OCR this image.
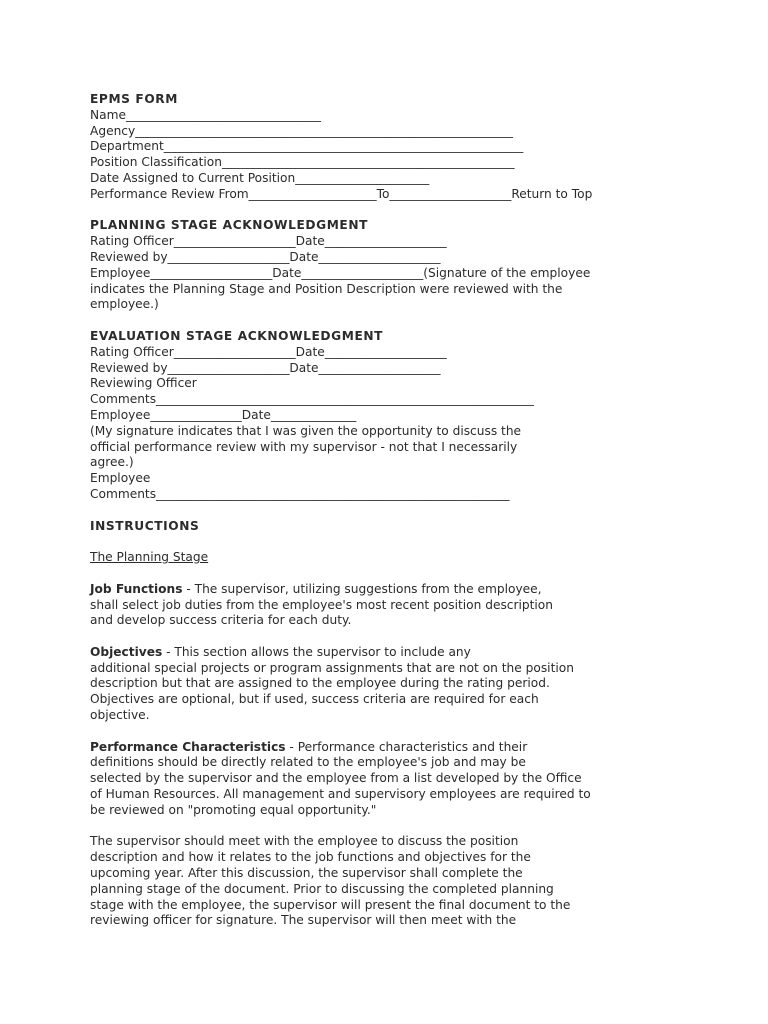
EPMS FORM
Name________________________________
Agency______________________________________________________________
Department___________________________________________________________
Position Classification________________________________________________
Date Assigned to Current Position______________________
Performance Review From_____________________To____________________Return to Top
PLANNING STAGE ACKNOWLEDGMENT
Rating Officer____________________Date____________________
Reviewed by____________________Date____________________
Employee____________________Date____________________(Signature of the employee
indicates the Planning Stage and Position Description were reviewed with the
employee.)
EVALUATION STAGE ACKNOWLEDGMENT
Rating Officer____________________Date____________________
Reviewed by____________________Date____________________
Reviewing Officer
Comments______________________________________________________________
Employee_______________Date______________
(My signature indicates that I was given the opportunity to discuss the
official performance review with my supervisor - not that I necessarily
agree.)
Employee
Comments__________________________________________________________
INSTRUCTIONS
The Planning Stage
Job Functions - The supervisor, utilizing suggestions from the employee,
shall select job duties from the employee's most recent position description
and develop success criteria for each duty.
Objectives - This section allows the supervisor to include any
additional special projects or program assignments that are not on the position
description but that are assigned to the employee during the rating period.
Objectives are optional, but if used, success criteria are required for each
objective.
Performance Characteristics - Performance characteristics and their
definitions should be directly related to the employee's job and may be
selected by the supervisor and the employee from a list developed by the Office
of Human Resources. All management and supervisory employees are required to
be reviewed on "promoting equal opportunity."
The supervisor should meet with the employee to discuss the position
description and how it relates to the job functions and objectives for the
upcoming year. After this discussion, the supervisor shall complete the
planning stage of the document. Prior to discussing the completed planning
stage with the employee, the supervisor will present the final document to the
reviewing officer for signature. The supervisor will then meet with the
